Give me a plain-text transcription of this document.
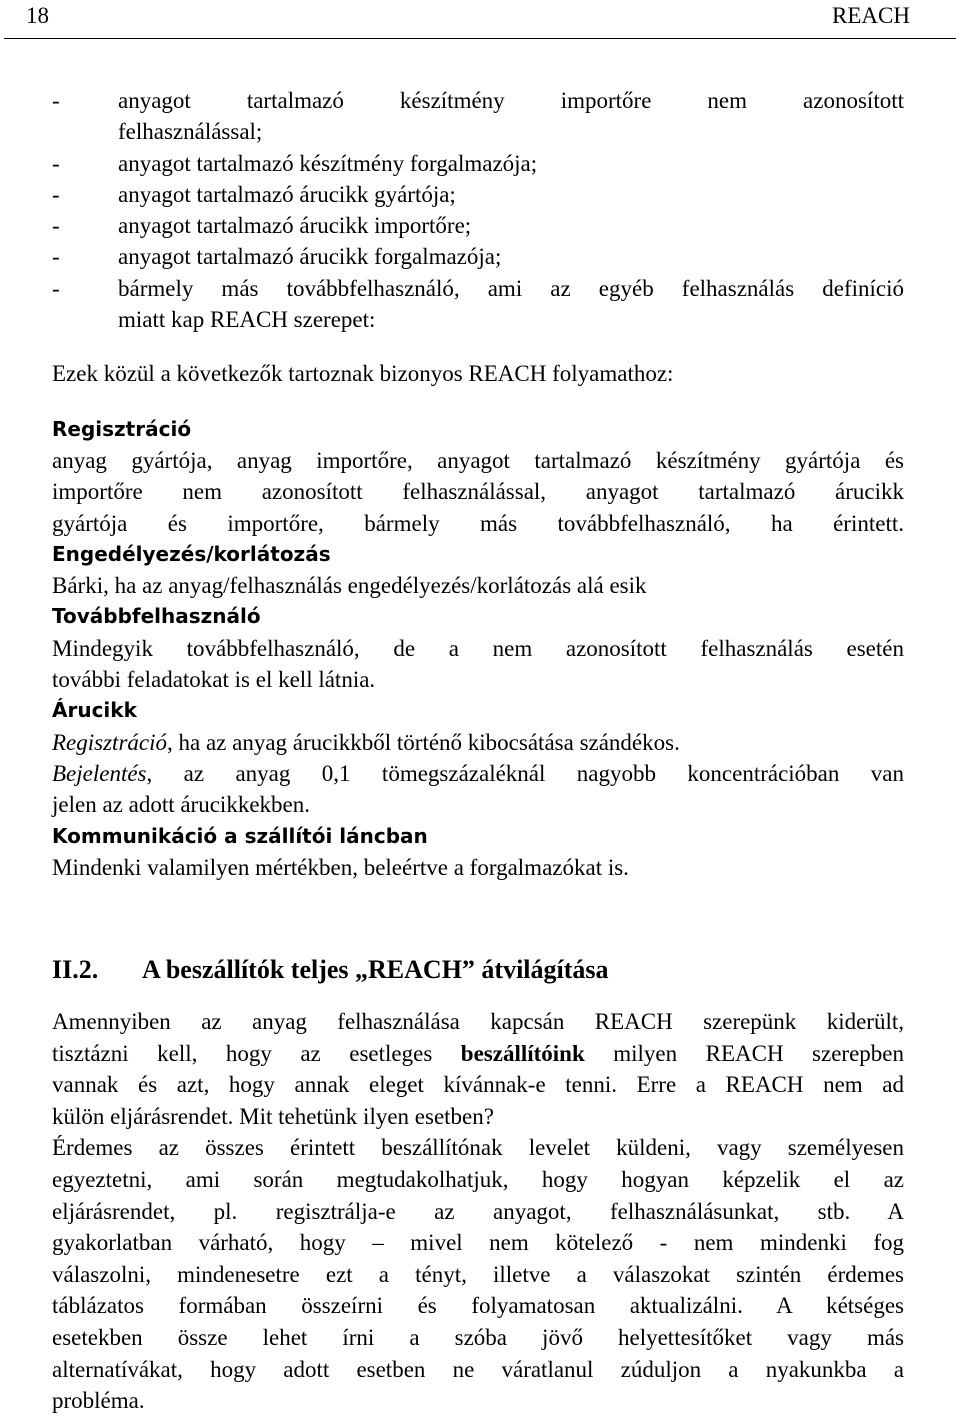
18	REACH
-	anyagot tartalmazó készítmény importőre nem azonosított
felhasználással;
-	anyagot tartalmazó készítmény forgalmazója;
-	anyagot tartalmazó árucikk gyártója;
-	anyagot tartalmazó árucikk importőre;
-	anyagot tartalmazó árucikk forgalmazója;
-	bármely más továbbfelhasználó, ami az egyéb felhasználás definíció
miatt kap REACH szerepet:
Ezek közül a következők tartoznak bizonyos REACH folyamathoz:
Regisztráció
anyag gyártója, anyag importőre, anyagot tartalmazó készítmény gyártója és
importőre nem azonosított felhasználással, anyagot tartalmazó árucikk
gyártója és importőre, bármely más továbbfelhasználó, ha érintett.
Engedélyezés/korlátozás
Bárki, ha az anyag/felhasználás engedélyezés/korlátozás alá esik
Továbbfelhasználó
Mindegyik továbbfelhasználó, de a nem azonosított felhasználás esetén
további feladatokat is el kell látnia.
Árucikk
Regisztráció, ha az anyag árucikkből történő kibocsátása szándékos.
Bejelentés, az anyag 0,1 tömegszázaléknál nagyobb koncentrációban van
jelen az adott árucikkekben.
Kommunikáció a szállítói láncban
Mindenki valamilyen mértékben, beleértve a forgalmazókat is.
II.2. A beszállítók teljes „REACH” átvilágítása
Amennyiben az anyag felhasználása kapcsán REACH szerepünk kiderült,
tisztázni kell, hogy az esetleges beszállítóink milyen REACH szerepben
vannak és azt, hogy annak eleget kívánnak-e tenni. Erre a REACH nem ad
külön eljárásrendet. Mit tehetünk ilyen esetben?
Érdemes az összes érintett beszállítónak levelet küldeni, vagy személyesen
egyeztetni, ami során megtudakolhatjuk, hogy hogyan képzelik el az
eljárásrendet, pl. regisztrálja-e az anyagot, felhasználásunkat, stb. A
gyakorlatban várható, hogy – mivel nem kötelező - nem mindenki fog
válaszolni, mindenesetre ezt a tényt, illetve a válaszokat szintén érdemes
táblázatos formában összeírni és folyamatosan aktualizálni. A kétséges
esetekben össze lehet írni a szóba jövő helyettesítőket vagy más
alternatívákat, hogy adott esetben ne váratlanul zúduljon a nyakunkba a
probléma.
